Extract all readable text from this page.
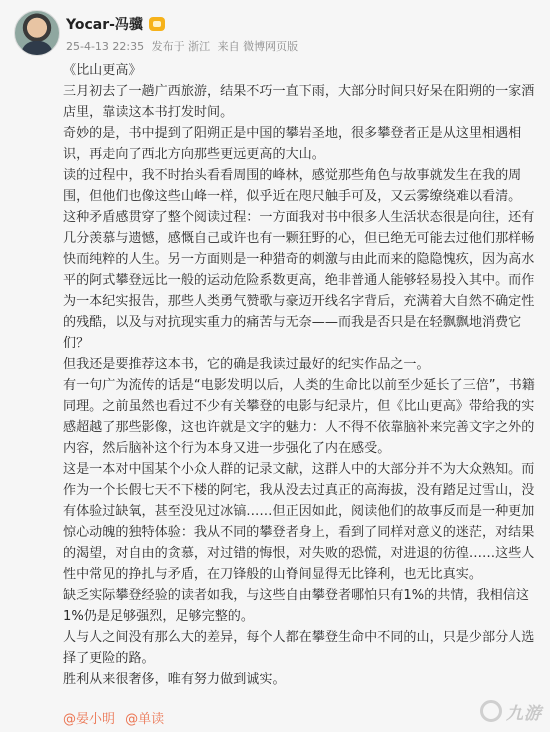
Yocar-冯骥
25-4-13 22:35 发布于 浙江 来自 微博网页版

《比山更高》

三月初去了一趟广西旅游，结果不巧一直下雨，大部分时间只好呆在阳朔的一家酒店里，靠读这本书打发时间。

奇妙的是，书中提到了阳朔正是中国的攀岩圣地，很多攀登者正是从这里相遇相识，再走向了西北方向那些更远更高的大山。

读的过程中，我不时抬头看看周围的峰林，感觉那些角色与故事就发生在我的周围，但他们也像这些山峰一样，似乎近在咫尺触手可及，又云雾缭绕难以看清。

这种矛盾感贯穿了整个阅读过程：一方面我对书中很多人生活状态很是向往，还有几分羡慕与遗憾，感慨自己或许也有一颗狂野的心，但已绝无可能去过他们那样畅快而纯粹的人生。另一方面则是一种猎奇的刺激与由此而来的隐隐愧疚，因为高水平的阿式攀登远比一般的运动危险系数更高，绝非普通人能够轻易投入其中。而作为一本纪实报告，那些人类勇气赞歌与豪迈开线名字背后，充满着大自然不确定性的残酷，以及与对抗现实重力的痛苦与无奈——而我是否只是在轻飘飘地消费它们？

但我还是要推荐这本书，它的确是我读过最好的纪实作品之一。

有一句广为流传的话是“电影发明以后，人类的生命比以前至少延长了三倍”，书籍同理。之前虽然也看过不少有关攀登的电影与纪录片，但《比山更高》带给我的实感超越了那些影像，这也许就是文字的魅力：人不得不依靠脑补来完善文字之外的内容，然后脑补这个行为本身又进一步强化了内在感受。

这是一本对中国某个小众人群的记录文献，这群人中的大部分并不为大众熟知。而作为一个长假七天不下楼的阿宅，我从没去过真正的高海拔，没有踏足过雪山，没有体验过缺氧，甚至没见过冰镐……但正因如此，阅读他们的故事反而是一种更加惊心动魄的独特体验：我从不同的攀登者身上，看到了同样对意义的迷茫，对结果的渴望，对自由的贪慕，对过错的悔恨，对失败的恐慌，对进退的彷徨……这些人性中常见的挣扎与矛盾，在刀锋般的山脊间显得无比锋利，也无比真实。

缺乏实际攀登经验的读者如我，与这些自由攀登者哪怕只有1%的共情，我相信这1%仍是足够强烈，足够完整的。

人与人之间没有那么大的差异，每个人都在攀登生命中不同的山，只是少部分人选择了更险的路。

胜利从来很奢侈，唯有努力做到诚实。

@晏小明 @单读	九游
